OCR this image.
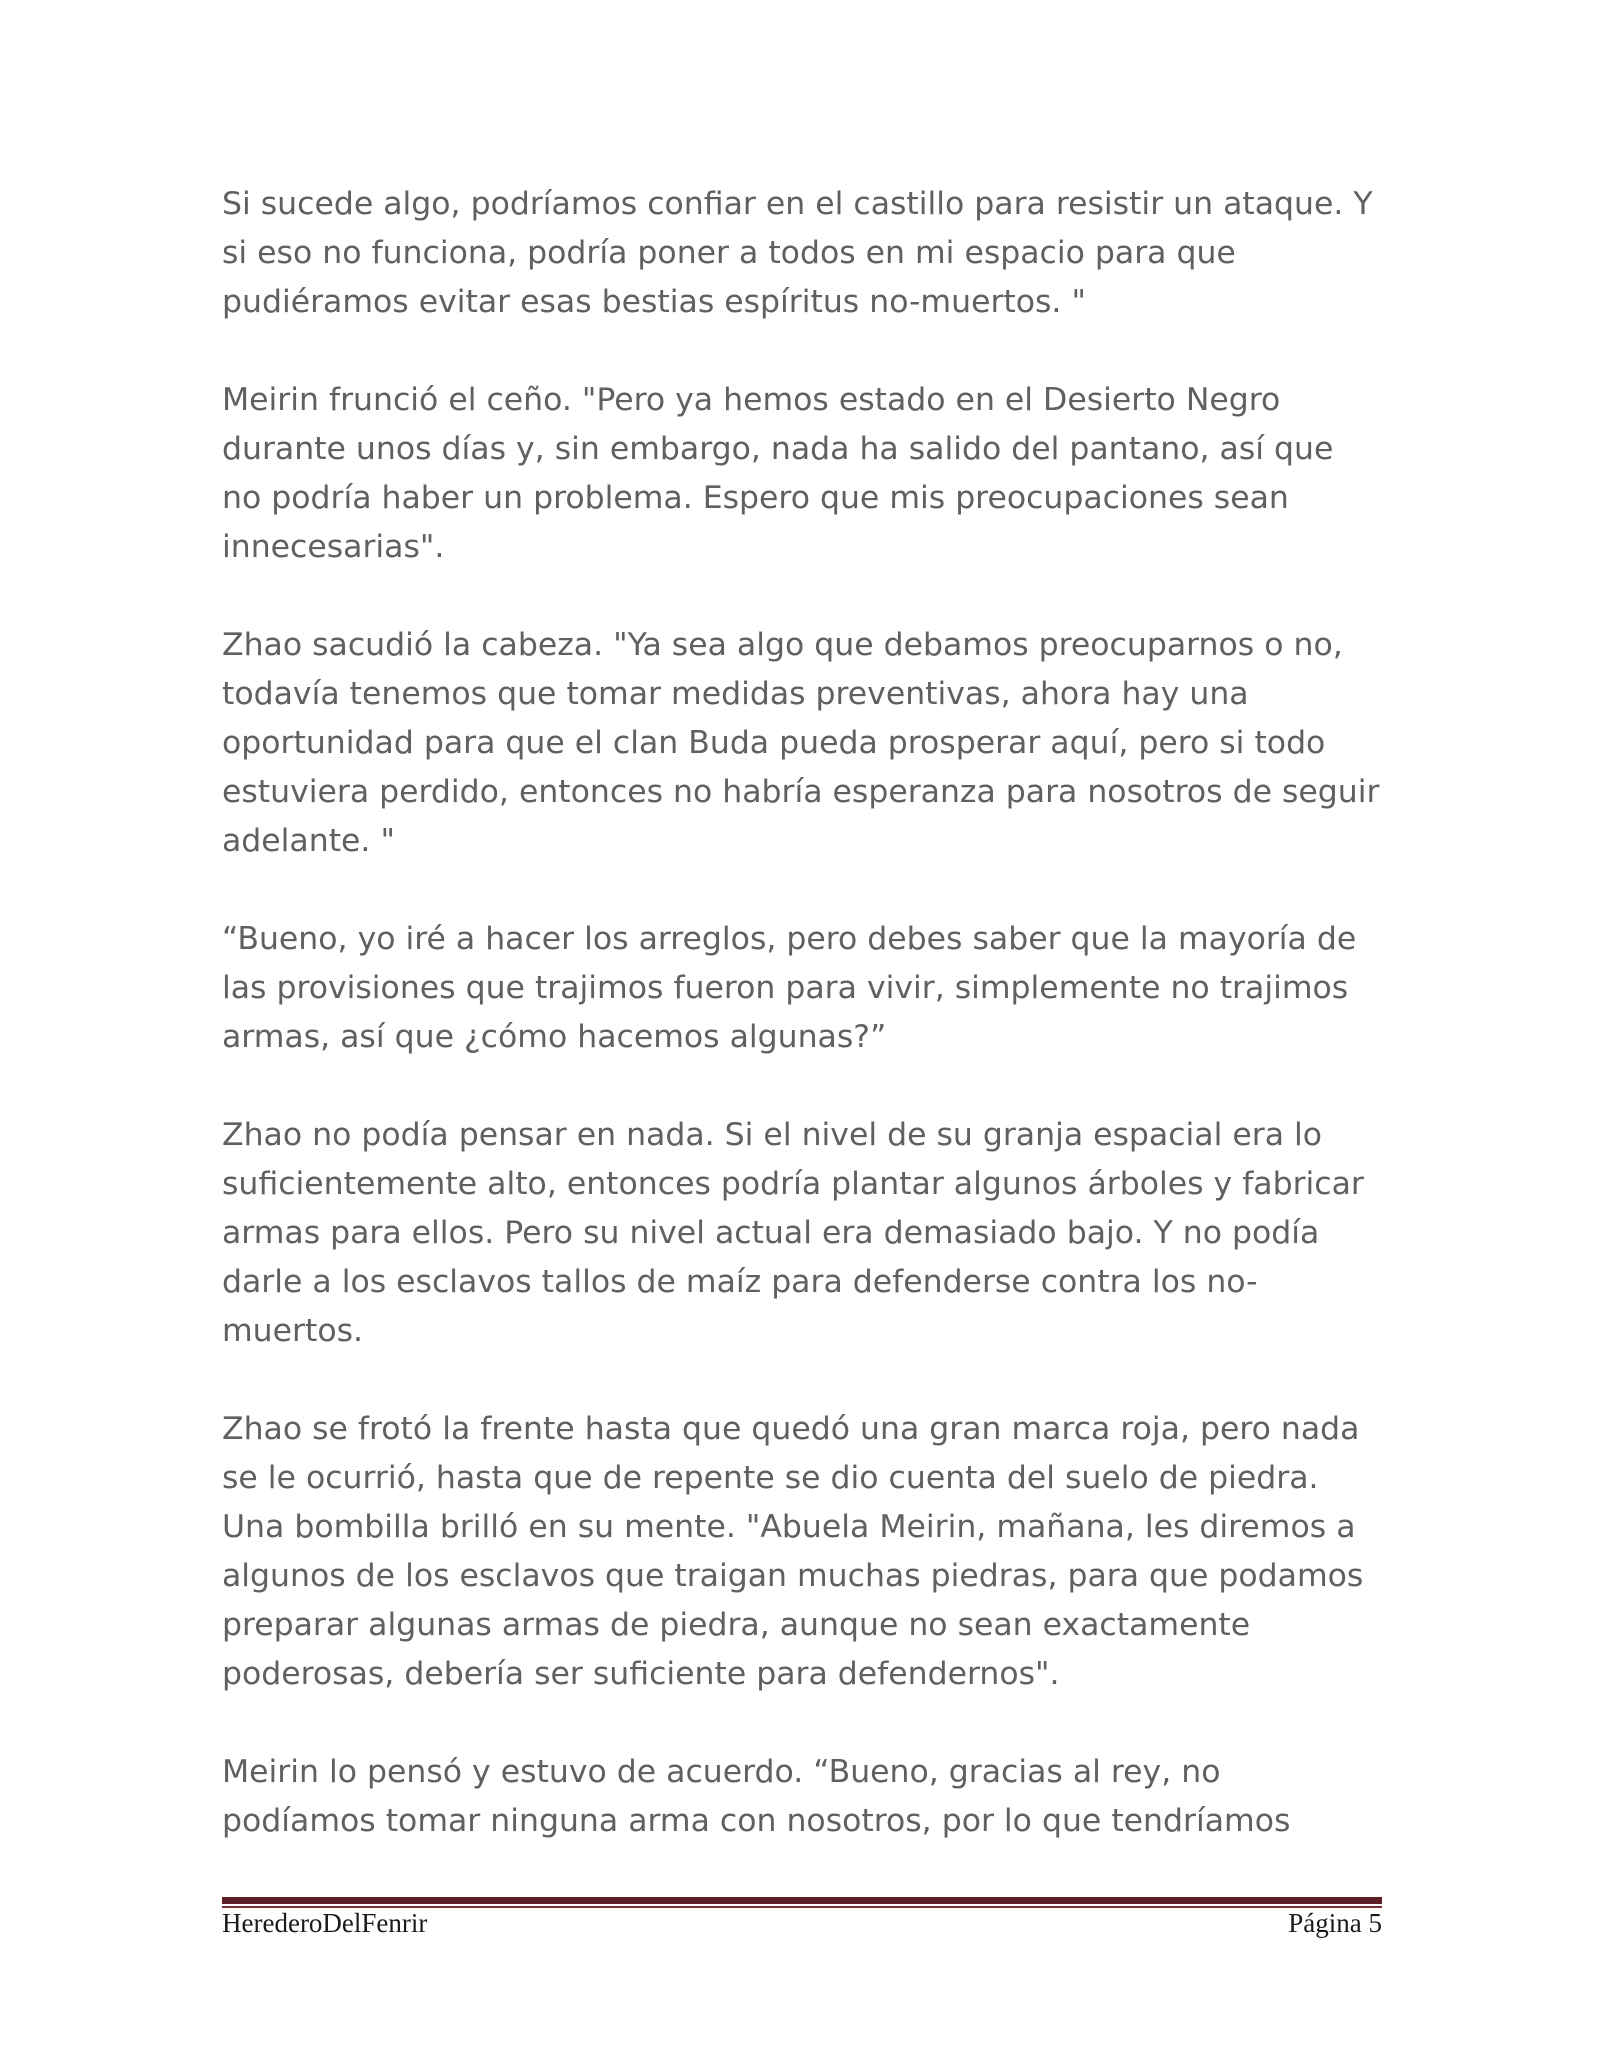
Si sucede algo, podríamos confiar en el castillo para resistir un ataque. Y si eso no funciona, podría poner a todos en mi espacio para que pudiéramos evitar esas bestias espíritus no-muertos. "

Meirin frunció el ceño. "Pero ya hemos estado en el Desierto Negro durante unos días y, sin embargo, nada ha salido del pantano, así que no podría haber un problema. Espero que mis preocupaciones sean innecesarias".

Zhao sacudió la cabeza. "Ya sea algo que debamos preocuparnos o no, todavía tenemos que tomar medidas preventivas, ahora hay una oportunidad para que el clan Buda pueda prosperar aquí, pero si todo estuviera perdido, entonces no habría esperanza para nosotros de seguir adelante. "

“Bueno, yo iré a hacer los arreglos, pero debes saber que la mayoría de las provisiones que trajimos fueron para vivir, simplemente no trajimos armas, así que ¿cómo hacemos algunas?”

Zhao no podía pensar en nada. Si el nivel de su granja espacial era lo suficientemente alto, entonces podría plantar algunos árboles y fabricar armas para ellos. Pero su nivel actual era demasiado bajo. Y no podía darle a los esclavos tallos de maíz para defenderse contra los no-muertos.

Zhao se frotó la frente hasta que quedó una gran marca roja, pero nada se le ocurrió, hasta que de repente se dio cuenta del suelo de piedra. Una bombilla brilló en su mente. "Abuela Meirin, mañana, les diremos a algunos de los esclavos que traigan muchas piedras, para que podamos preparar algunas armas de piedra, aunque no sean exactamente poderosas, debería ser suficiente para defendernos".

Meirin lo pensó y estuvo de acuerdo. “Bueno, gracias al rey, no podíamos tomar ninguna arma con nosotros, por lo que tendríamos

HerederoDelFenrir	Página 5
